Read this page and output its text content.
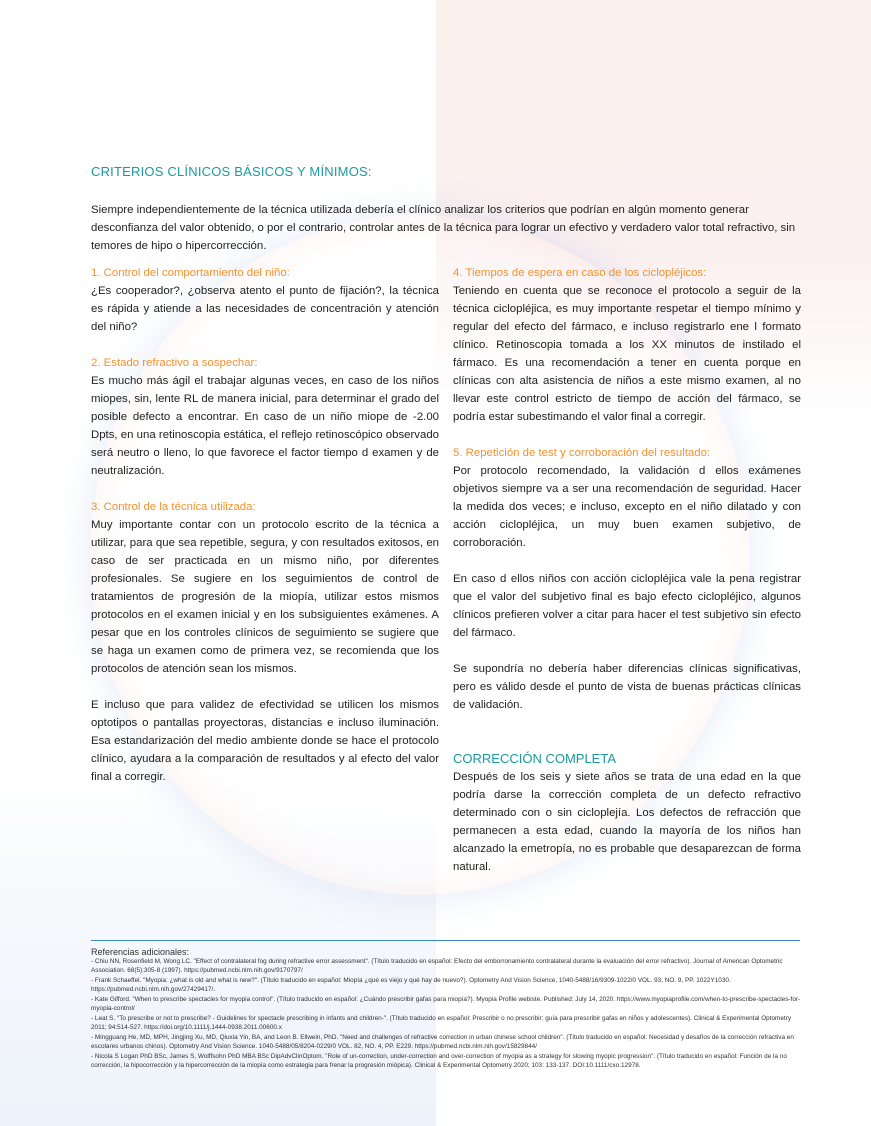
CRITERIOS CLÍNICOS BÁSICOS Y MÍNIMOS:

Siempre independientemente de la técnica utilizada debería el clínico analizar los criterios que podrían en algún momento generar desconfianza del valor obtenido, o por el contrario, controlar antes de la técnica para lograr un efectivo y verdadero valor total refractivo, sin temores de hipo o hipercorrección.

1. Control del comportamiento del niño:

¿Es cooperador?, ¿observa atento el punto de fijación?, la técnica es rápida y atiende a las necesidades de concentración y atención del niño?

2. Estado refractivo a sospechar:

Es mucho más ágil el trabajar algunas veces, en caso de los niños miopes, sin, lente RL de manera inicial, para determinar el grado del posible defecto a encontrar. En caso de un niño miope de -2.00 Dpts, en una retinoscopia estática, el reflejo retinoscópico observado será neutro o lleno, lo que favorece el factor tiempo d examen y de neutralización.

3. Control de la técnica utilizada:

Muy importante contar con un protocolo escrito de la técnica a utilizar, para que sea repetible, segura, y con resultados exitosos, en caso de ser practicada en un mismo niño, por diferentes profesionales. Se sugiere en los seguimientos de control de tratamientos de progresión de la miopía, utilizar estos mismos protocolos en el examen inicial y en los subsiguientes exámenes. A pesar que en los controles clínicos de seguimiento se sugiere que se haga un examen como de primera vez, se recomienda que los protocolos de atención sean los mismos.

E incluso que para validez de efectividad se utilicen los mismos optotipos o pantallas proyectoras, distancias e incluso iluminación. Esa estandarización del medio ambiente donde se hace el protocolo clínico, ayudara a la comparación de resultados y al efecto del valor final a corregir.

4. Tiempos de espera en caso de los ciclopléjicos:

Teniendo en cuenta que se reconoce el protocolo a seguir de la técnica ciclopléjica, es muy importante respetar el tiempo mínimo y regular del efecto del fármaco, e incluso registrarlo ene l formato clínico. Retinoscopia tomada a los XX minutos de instilado el fármaco. Es una recomendación a tener en cuenta porque en clínicas con alta asistencia de niños a este mismo examen, al no llevar este control estricto de tiempo de acción del fármaco, se podría estar subestimando el valor final a corregir.

5. Repetición de test y corroboración del resultado:

Por protocolo recomendado, la validación d ellos exámenes objetivos siempre va a ser una recomendación de seguridad. Hacer la medida dos veces; e incluso, excepto en el niño dilatado y con acción ciclopléjica, un muy buen examen subjetivo, de corroboración.

En caso d ellos niños con acción ciclopléjica vale la pena registrar que el valor del subjetivo final es bajo efecto ciclopléjico, algunos clínicos prefieren volver a citar para hacer el test subjetivo sin efecto del fármaco.

Se supondría no debería haber diferencias clínicas significativas, pero es válido desde el punto de vista de buenas prácticas clínicas de validación.

CORRECCIÓN COMPLETA

Después de los seis y siete años se trata de una edad en la que podría darse la corrección completa de un defecto refractivo determinado con o sin cicloplejía. Los defectos de refracción que permanecen a esta edad, cuando la mayoría de los niños han alcanzado la emetropía, no es probable que desaparezcan de forma natural.

Referencias adicionales:

- Chiu NN, Rosenfield M, Wong LC. "Effect of contralateral fog during refractive error assessment". (Título traducido en español: Efecto del emborronamiento contralateral durante la evaluación del error refractivo). Journal of American Optometric Association. 68(5):305-8 (1997). https://pubmed.ncbi.nlm.nih.gov/9170797/

- Frank Schaeffel. "Myopia: ¿what is old and what is new?". (Título traducido en español: Miopía ¿qué es viejo y qué hay de nuevo?). Optometry And Vision Science, 1040-5488/16/9309-1022/0 VOL. 93, NO. 9, PP. 1022Y1030. https://pubmed.ncbi.nlm.nih.gov/27429417/.

- Kate Gifford. "When to prescribe spectacles for myopia control". (Título traducido en español: ¿Cuándo prescribir gafas para miopía?). Myopia Profile webiste. Published: July 14, 2020. https://www.myopiaprofile.com/when-to-prescribe-spectacles-for-myopia-control/

- Leat S. "To prescribe or not to prescribe? - Guidelines for spectacle prescribing in infants and children-". (Título traducido en español: Prescribir o no prescribir: guía para prescribir gafas en niños y adolescentes). Clinical & Experimental Optometry 2011; 94:514-527. https://doi.org/10.1111/j.1444-0938.2011.00600.x

- Mingguang He, MD, MPH, Jingjing Xu, MD, Qiuxia Yin, BA, and Leon B. Ellwein, PhD. "Need and challenges of refractive correction in urban chinese school children". (Título traducido en español: Necesidad y desafíos de la corrección refractiva en escolares urbanos chinos). Optometry And Vision Science. 1040-5488/05/8204-0229/0 VOL. 82, NO. 4, PP. E229. https://pubmed.ncbi.nlm.nih.gov/15829844/

- Nicola S Logan PhD BSc, James S, Wolffsohn PhD MBA BSc DipAdvClinOptom. "Role of un-correction, under-correction and over-correction of myopia as a strategy for slowing myopic progression". (Título traducido en español: Función de la no corrección, la hipocorrección y la hipercorrección de la miopía como estrategia para frenar la progresión miópica). Clinical & Experimental Optometry 2020; 103: 133-137. DOI:10.1111/cxo.12978.
